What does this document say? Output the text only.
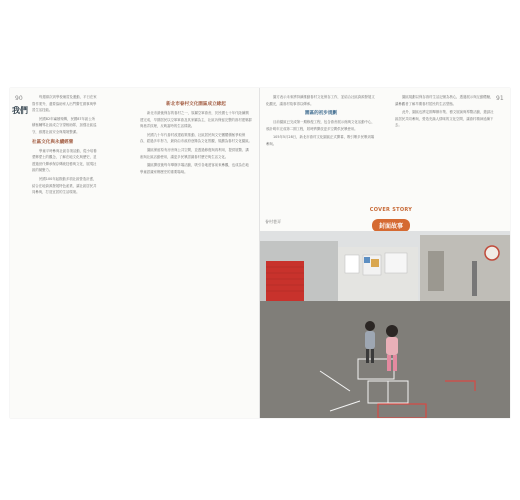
90
我們

每週兩次到學校補習及運動，平日在家寫作業外，還要協助家人出門幫忙做事與學習生活技能。

民國82年竊賊頻傳，民國87年區公所積極輔導社區成立守望相助隊，加強社區巡守，維護社區安全與環境整潔。

社區文化與永續經營

學童平時參與社區各項活動，從小培養愛鄉愛土的觀念，了解在地文化與歷史，並透過世代傳承保存傳統技藝與文化，展現社區的凝聚力。

民國100年起推動多項社區營造計畫，結合在地資源發展特色產業，讓社區居民共同參與，打造宜居的生活環境。

新北市眷村文化園區成立緣起

新北市最後保存的眷村之一，原屬空軍眷舍，於民國七十年代陸續興建完成，早期居民以空軍軍眷及其家屬為主，社區內保留完整的眷村建築群與巷弄紋理，反映當時的生活樣貌。

民國九十年代眷村改建政策推動，社區居民與文史團體積極爭取保存，經過多年努力，最終由市政府登錄為文化景觀，規劃為眷村文化園區。

園區保留原有房舍與公共空間，並透過修復與再利用，提供展覽、講座與社區活動使用，讓更多民眾認識眷村歷史與生活文化。

園區開放後每年舉辦多場活動，吸引各地遊客前來參觀，也成為在地學童認識家鄉歷史的重要場域。

91

園方表示未來將持續推動眷村文化保存工作，並結合社區資源發展文化觀光，讓眷村故事得以傳承。

園區的初步規劃

目前園區已完成第一期修復工程，包含眷舍展示館與文化活動中心，預計明年完成第二期工程，屆時將開放更多空間供民眾使用。

105年5月28日，新北市眷村文化園區正式開幕，吸引眾多民眾到場參與。

園區規劃以保存眷村生活記憶為核心，透過展示與互動體驗，讓參觀者了解早期眷村居民的生活型態。

此外，園區也將定期舉辦市集、藝文展演與導覽活動，邀請社區居民共同參與，營造充滿人情味的文化空間，讓眷村精神延續下去。

眷村巷弄
COVER STORY
封面故事
